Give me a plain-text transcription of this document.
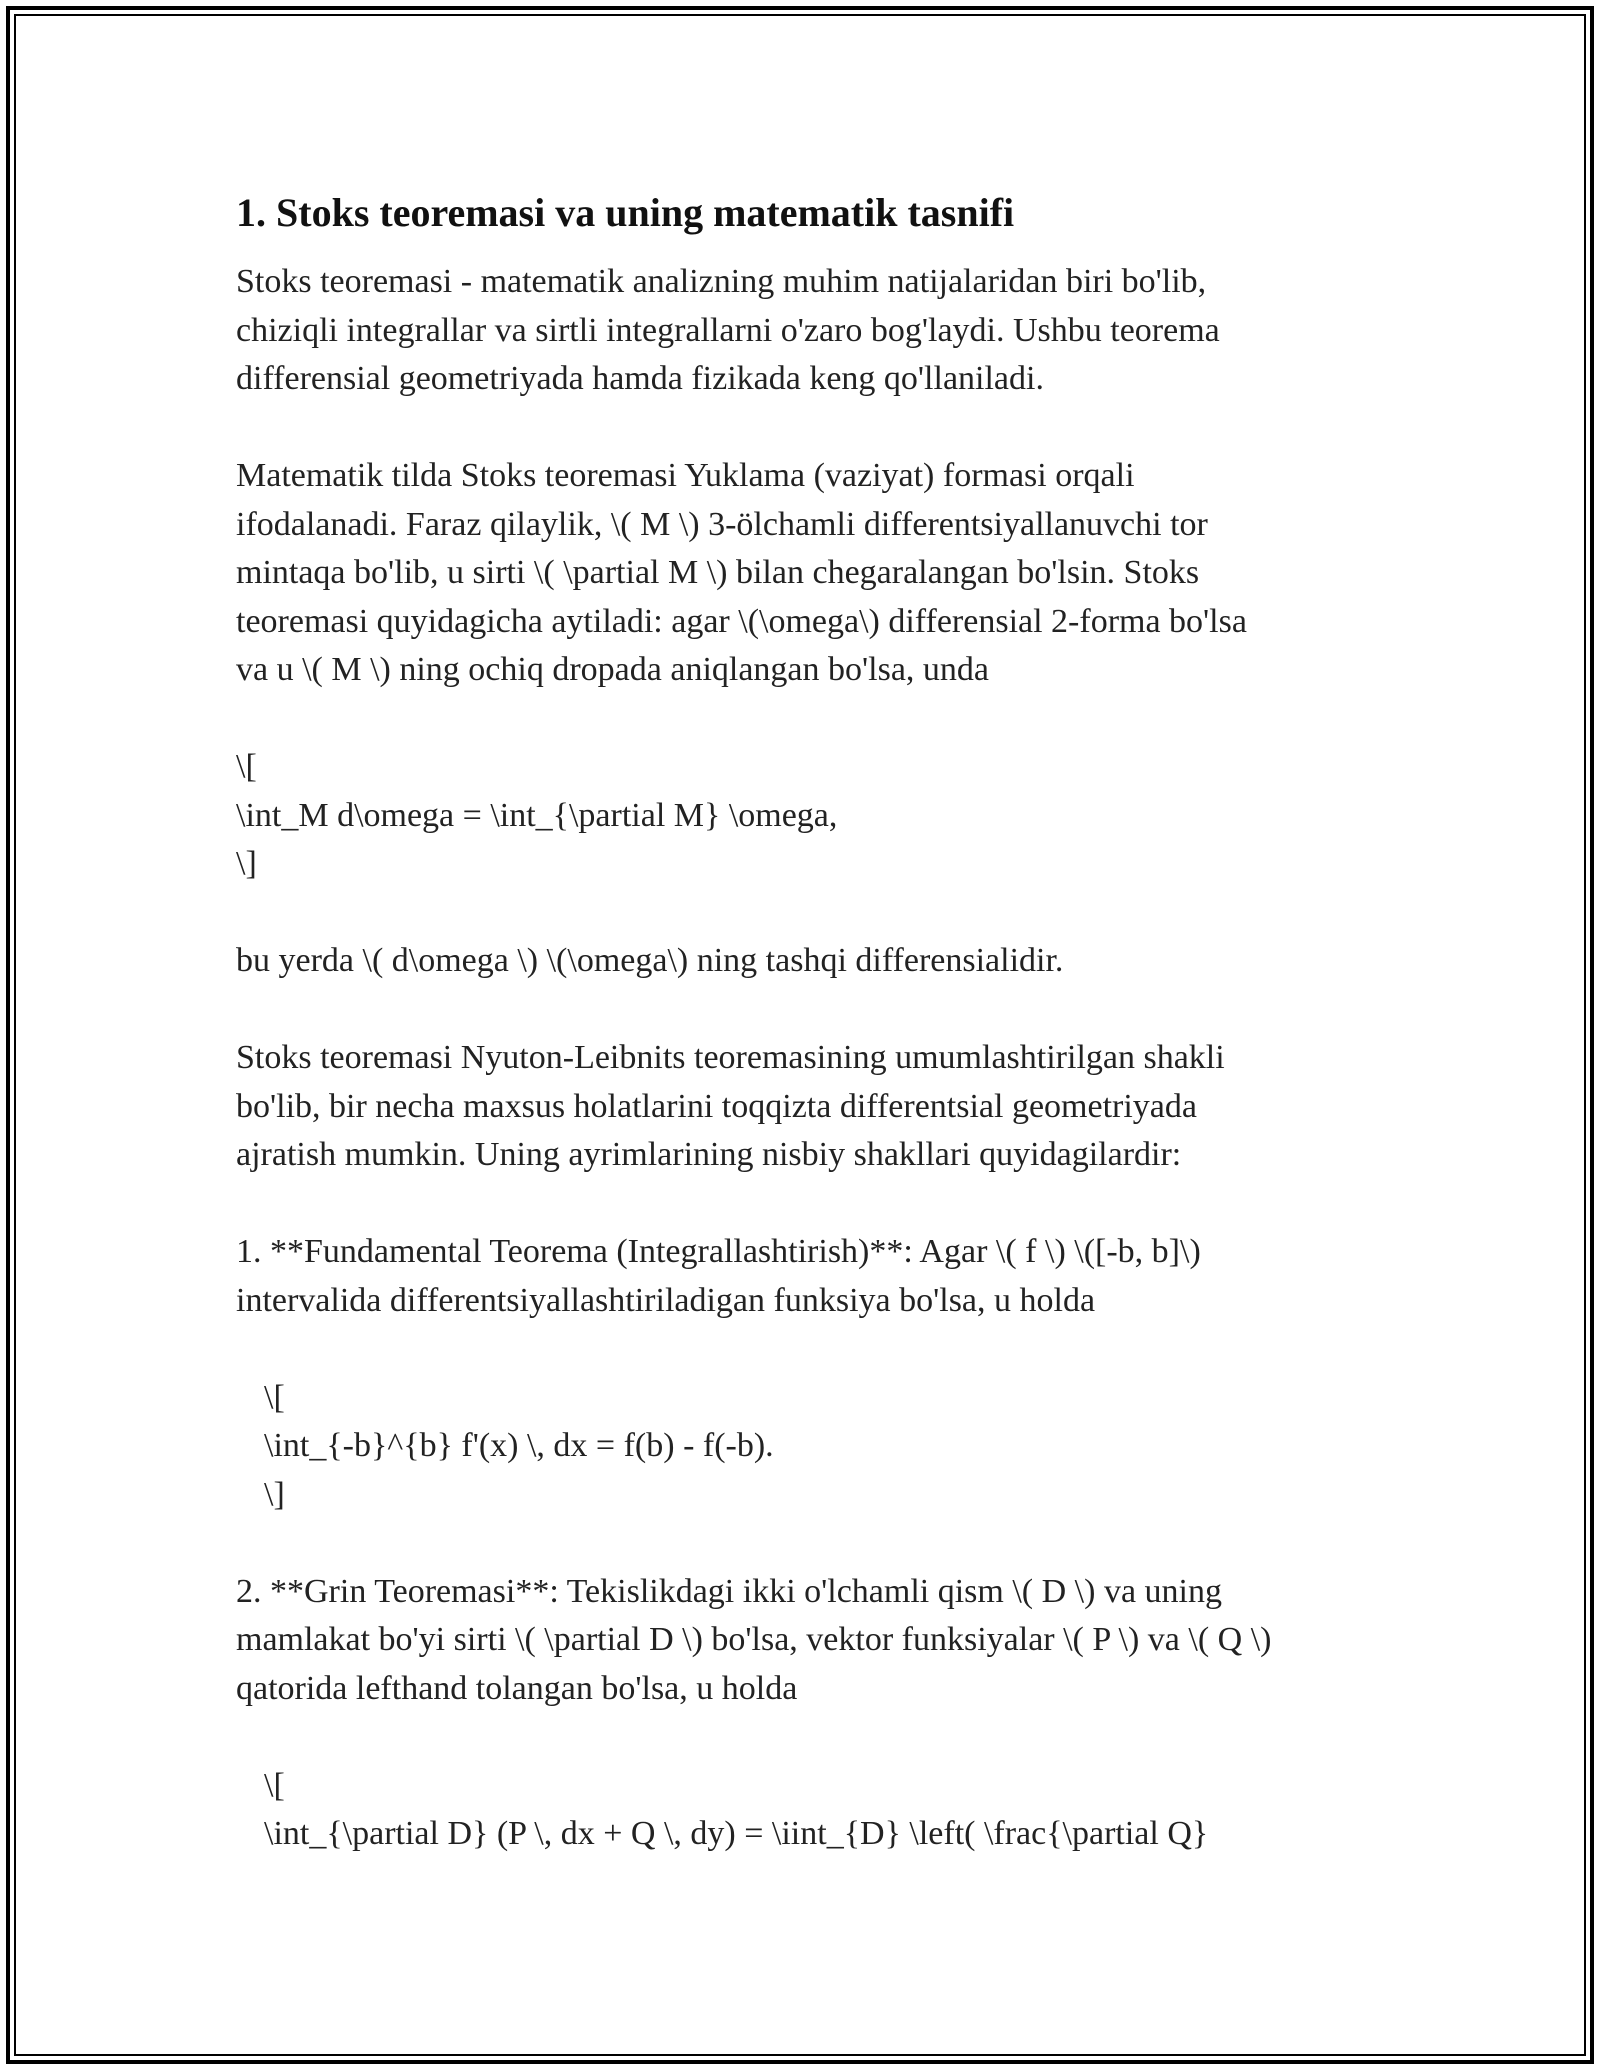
1. Stoks teoremasi va uning matematik tasnifi
Stoks teoremasi - matematik analizning muhim natijalaridan biri bo'lib,
chiziqli integrallar va sirtli integrallarni o'zaro bog'laydi. Ushbu teorema
differensial geometriyada hamda fizikada keng qo'llaniladi.
Matematik tilda Stoks teoremasi Yuklama (vaziyat) formasi orqali
ifodalanadi. Faraz qilaylik, \( M \) 3-ölchamli differentsiyallanuvchi tor
mintaqa bo'lib, u sirti \( \partial M \) bilan chegaralangan bo'lsin. Stoks
teoremasi quyidagicha aytiladi: agar \(\omega\) differensial 2-forma bo'lsa
va u \( M \) ning ochiq dropada aniqlangan bo'lsa, unda
\[
\int_M d\omega = \int_{\partial M} \omega,
\]
bu yerda \( d\omega \) \(\omega\) ning tashqi differensialidir.
Stoks teoremasi Nyuton-Leibnits teoremasining umumlashtirilgan shakli
bo'lib, bir necha maxsus holatlarini toqqizta differentsial geometriyada
ajratish mumkin. Uning ayrimlarining nisbiy shakllari quyidagilardir:
1. **Fundamental Teorema (Integrallashtirish)**: Agar \( f \) \([-b, b]\)
intervalida differentsiyallashtiriladigan funksiya bo'lsa, u holda
\[
\int_{-b}^{b} f'(x) \, dx = f(b) - f(-b).
\]
2. **Grin Teoremasi**: Tekislikdagi ikki o'lchamli qism \( D \) va uning
mamlakat bo'yi sirti \( \partial D \) bo'lsa, vektor funksiyalar \( P \) va \( Q \)
qatorida lefthand tolangan bo'lsa, u holda
\[
\int_{\partial D} (P \, dx + Q \, dy) = \iint_{D} \left( \frac{\partial Q}
